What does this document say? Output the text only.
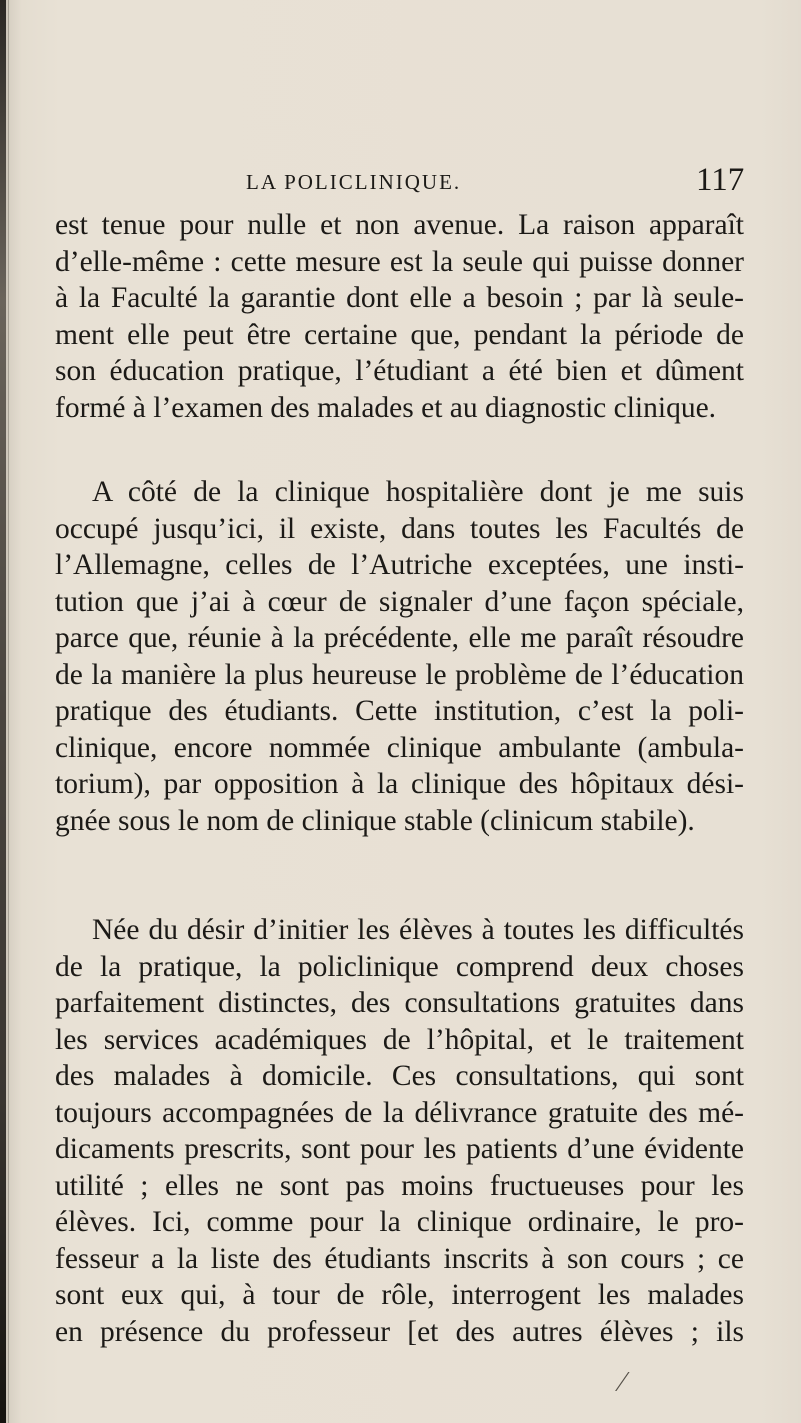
LA POLICLINIQUE.	117
est tenue pour nulle et non avenue. La raison apparaît
d’elle-même : cette mesure est la seule qui puisse donner
à la Faculté la garantie dont elle a besoin ; par là seule-
ment elle peut être certaine que, pendant la période de
son éducation pratique, l’étudiant a été bien et dûment
formé à l’examen des malades et au diagnostic clinique.
A côté de la clinique hospitalière dont je me suis
occupé jusqu’ici, il existe, dans toutes les Facultés de
l’Allemagne, celles de l’Autriche exceptées, une insti-
tution que j’ai à cœur de signaler d’une façon spéciale,
parce que, réunie à la précédente, elle me paraît résoudre
de la manière la plus heureuse le problème de l’éducation
pratique des étudiants. Cette institution, c’est la poli-
clinique, encore nommée clinique ambulante (ambula-
torium), par opposition à la clinique des hôpitaux dési-
gnée sous le nom de clinique stable (clinicum stabile).
Née du désir d’initier les élèves à toutes les difficultés
de la pratique, la policlinique comprend deux choses
parfaitement distinctes, des consultations gratuites dans
les services académiques de l’hôpital, et le traitement
des malades à domicile. Ces consultations, qui sont
toujours accompagnées de la délivrance gratuite des mé-
dicaments prescrits, sont pour les patients d’une évidente
utilité ; elles ne sont pas moins fructueuses pour les
élèves. Ici, comme pour la clinique ordinaire, le pro-
fesseur a la liste des étudiants inscrits à son cours ; ce
sont eux qui, à tour de rôle, interrogent les malades
en présence du professeur [et des autres élèves ; ils
⁄
